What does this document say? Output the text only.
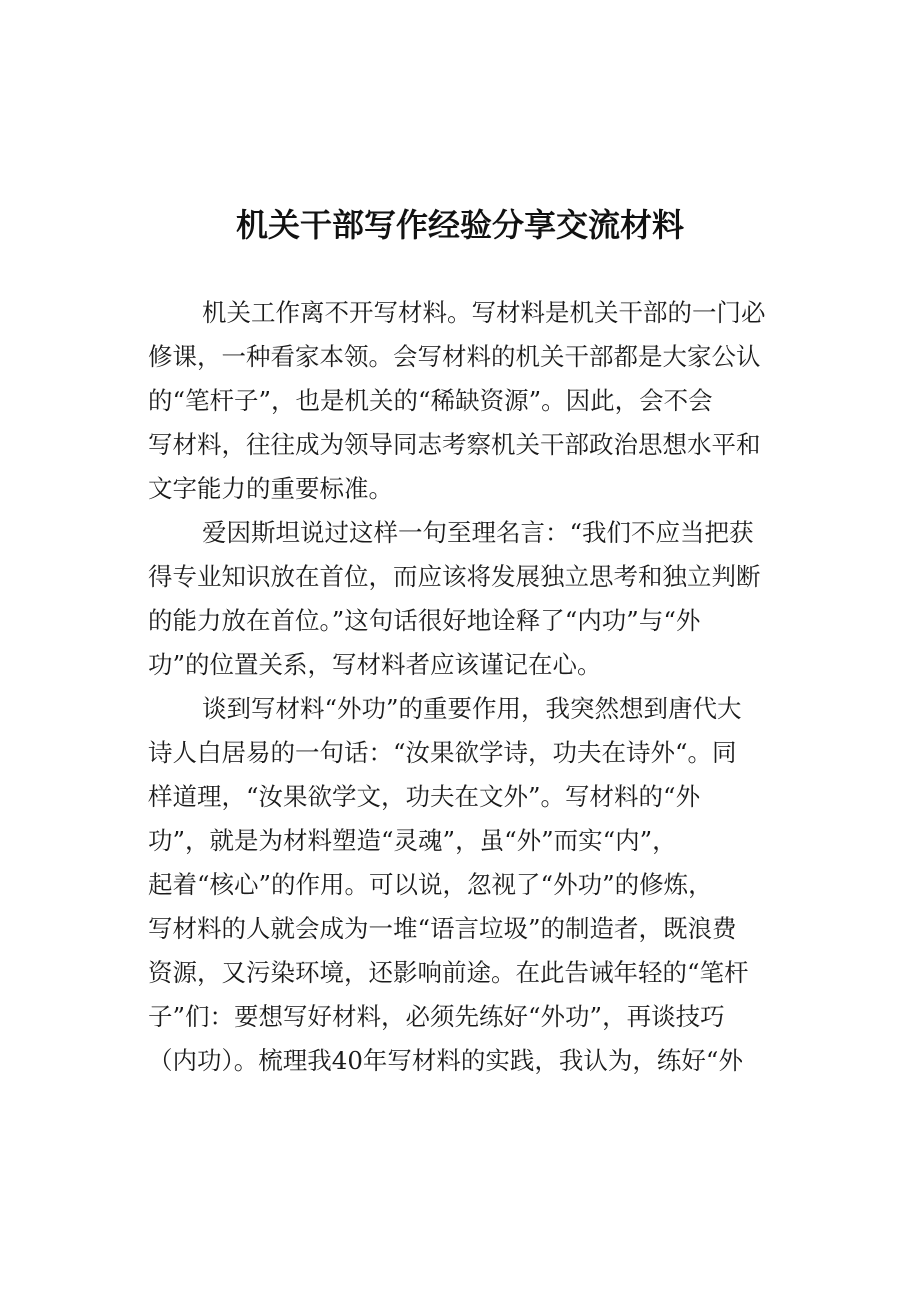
机关干部写作经验分享交流材料
机关工作离不开写材料。写材料是机关干部的一门必
修课，一种看家本领。会写材料的机关干部都是大家公认
的“笔杆子”，也是机关的“稀缺资源”。因此，会不会
写材料，往往成为领导同志考察机关干部政治思想水平和
文字能力的重要标准。
爱因斯坦说过这样一句至理名言：“我们不应当把获
得专业知识放在首位，而应该将发展独立思考和独立判断
的能力放在首位。”这句话很好地诠释了“内功”与“外
功”的位置关系，写材料者应该谨记在心。
谈到写材料“外功”的重要作用，我突然想到唐代大
诗人白居易的一句话：“汝果欲学诗，功夫在诗外“。同
样道理，“汝果欲学文，功夫在文外”。写材料的“外
功”，就是为材料塑造“灵魂”，虽“外”而实“内”，
起着“核心”的作用。可以说，忽视了“外功”的修炼，
写材料的人就会成为一堆“语言垃圾”的制造者，既浪费
资源，又污染环境，还影响前途。在此告诫年轻的“笔杆
子”们：要想写好材料，必须先练好“外功”，再谈技巧
（内功）。梳理我40年写材料的实践，我认为，练好“外
